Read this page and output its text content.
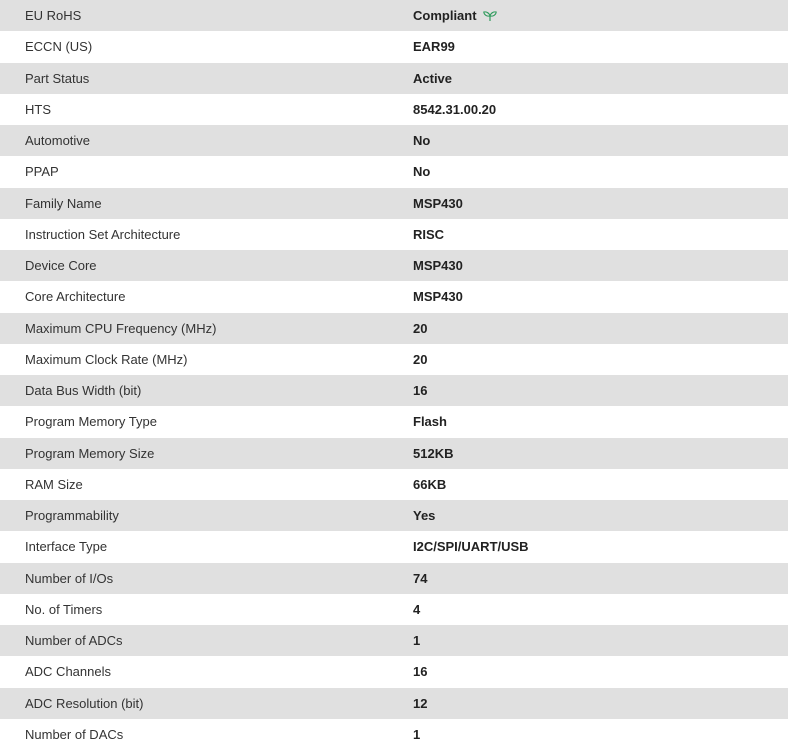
EU RoHS	Compliant
ECCN (US)	EAR99
Part Status	Active
HTS	8542.31.00.20
Automotive	No
PPAP	No
Family Name	MSP430
Instruction Set Architecture	RISC
Device Core	MSP430
Core Architecture	MSP430
Maximum CPU Frequency (MHz)	20
Maximum Clock Rate (MHz)	20
Data Bus Width (bit)	16
Program Memory Type	Flash
Program Memory Size	512KB
RAM Size	66KB
Programmability	Yes
Interface Type	I2C/SPI/UART/USB
Number of I/Os	74
No. of Timers	4
Number of ADCs	1
ADC Channels	16
ADC Resolution (bit)	12
Number of DACs	1
